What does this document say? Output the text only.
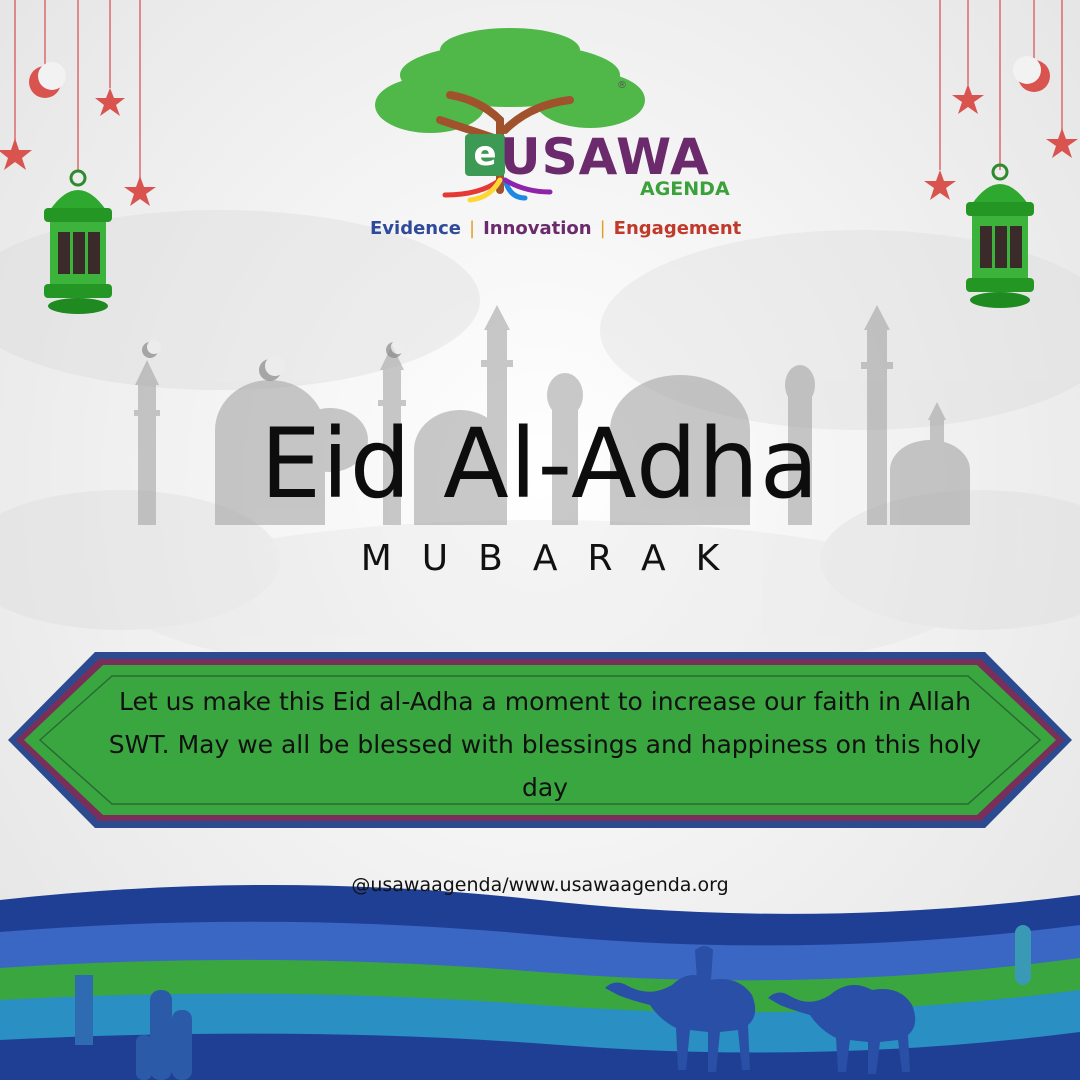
e USAWA
®
AGENDA
Evidence | Innovation | Engagement
Eid Al-Adha
MUBARAK
Let us make this Eid al-Adha a moment to increase our faith in Allah SWT. May we all be blessed with blessings and happiness on this holy day
@usawaagenda/www.usawaagenda.org
